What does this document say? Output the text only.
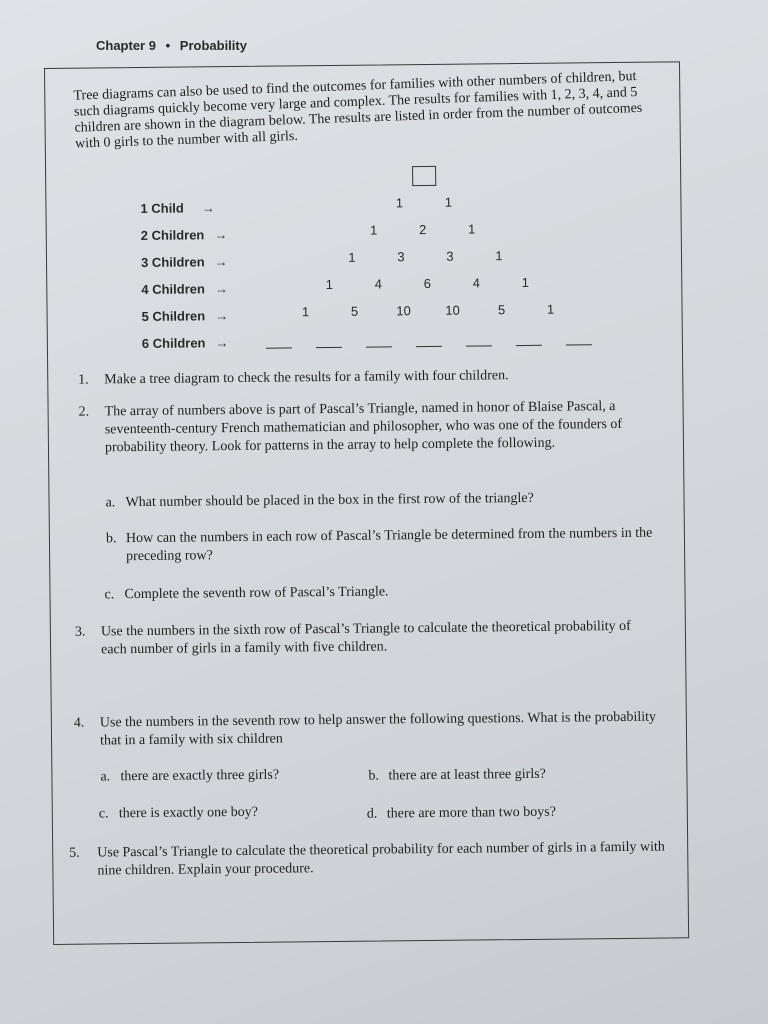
Chapter 9 • Probability
Tree diagrams can also be used to find the outcomes for families with other numbers of children, but such diagrams quickly become very large and complex. The results for families with 1, 2, 3, 4, and 5 children are shown in the diagram below. The results are listed in order from the number of outcomes with 0 girls to the number with all girls.
1 Child →	1	1
2 Children →	1	2	1
3 Children →	1	3	3	1
4 Children →	1	4	6	4	1
5 Children →	1	5	10	10	5	1
6 Children →
1. Make a tree diagram to check the results for a family with four children.
2. The array of numbers above is part of Pascal’s Triangle, named in honor of Blaise Pascal, a seventeenth-century French mathematician and philosopher, who was one of the founders of probability theory. Look for patterns in the array to help complete the following.
a. What number should be placed in the box in the first row of the triangle?
b. How can the numbers in each row of Pascal’s Triangle be determined from the numbers in the preceding row?
c. Complete the seventh row of Pascal’s Triangle.
3. Use the numbers in the sixth row of Pascal’s Triangle to calculate the theoretical probability of each number of girls in a family with five children.
4. Use the numbers in the seventh row to help answer the following questions. What is the probability that in a family with six children
a. there are exactly three girls?	b. there are at least three girls?
c. there is exactly one boy?	d. there are more than two boys?
5. Use Pascal’s Triangle to calculate the theoretical probability for each number of girls in a family with nine children. Explain your procedure.
